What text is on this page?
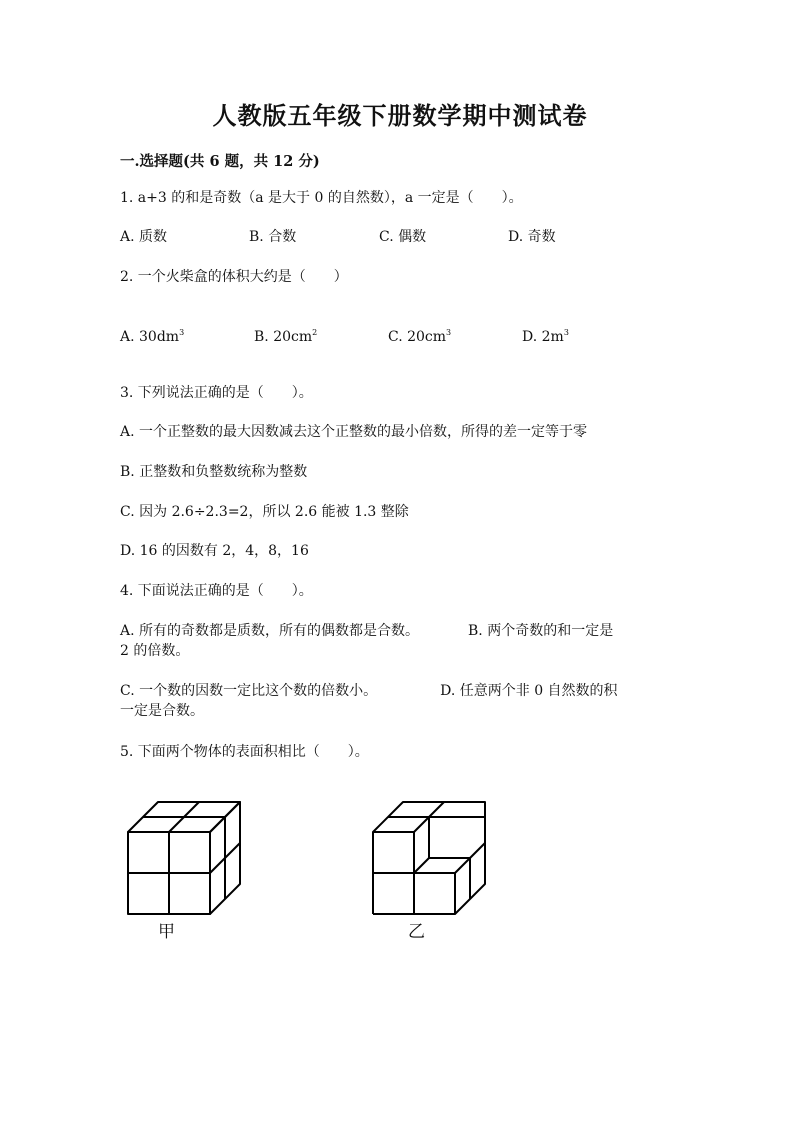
人教版五年级下册数学期中测试卷
一.选择题(共 6 题，共 12 分)
1. a+3 的和是奇数（a 是大于 0 的自然数），a 一定是（　　）。
A. 质数	B. 合数	C. 偶数	D. 奇数
2. 一个火柴盒的体积大约是（　　）
A. $30dm^3$	B. $20cm^2$	C. $20cm^3$	D. $2m^3$
3. 下列说法正确的是（　　）。
A. 一个正整数的最大因数减去这个正整数的最小倍数，所得的差一定等于零
B. 正整数和负整数统称为整数
C. 因为 2.6÷2.3=2，所以 2.6 能被 1.3 整除
D. 16 的因数有 2，4，8，16
4. 下面说法正确的是（　　）。
A. 所有的奇数都是质数，所有的偶数都是合数。　　　　B. 两个奇数的和一定是
2 的倍数。
C. 一个数的因数一定比这个数的倍数小。　　　　　D. 任意两个非 0 自然数的积
一定是合数。
5. 下面两个物体的表面积相比（　　）。
甲	乙
